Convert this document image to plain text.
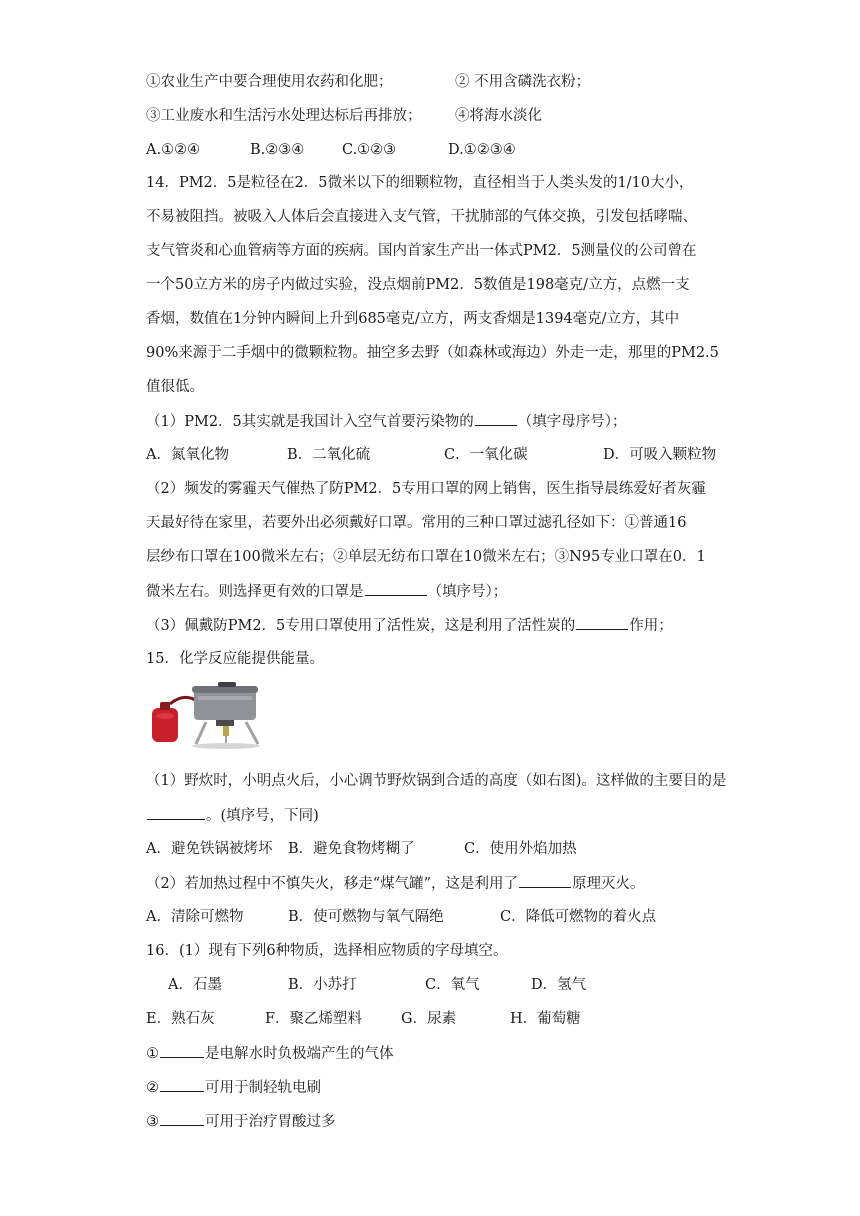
①农业生产中要合理使用农药和化肥；	② 不用含磷洗衣粉；
③工业废水和生活污水处理达标后再排放； ④将海水淡化
A.①②④	B.②③④	C.①②③	D.①②③④
14．PM2．5是粒径在2．5微米以下的细颗粒物，直径相当于人类头发的1/10大小，
不易被阻挡。被吸入人体后会直接进入支气管，干扰肺部的气体交换，引发包括哮喘、
支气管炎和心血管病等方面的疾病。国内首家生产出一体式PM2．5测量仪的公司曾在
一个50立方米的房子内做过实验，没点烟前PM2．5数值是198毫克/立方，点燃一支
香烟，数值在1分钟内瞬间上升到685毫克/立方，两支香烟是1394毫克/立方，其中
90%来源于二手烟中的微颗粒物。抽空多去野（如森林或海边）外走一走，那里的PM2.5
值很低。
（1）PM2．5其实就是我国计入空气首要污染物的	（填字母序号）；
A．氮氧化物	B．二氧化硫	C．一氧化碳	D．可吸入颗粒物
（2）频发的雾霾天气催热了防PM2．5专用口罩的网上销售，医生指导晨练爱好者灰霾
天最好待在家里，若要外出必须戴好口罩。常用的三种口罩过滤孔径如下：①普通16
层纱布口罩在100微米左右；②单层无纺布口罩在10微米左右；③N95专业口罩在0．1
微米左右。则选择更有效的口罩是	（填序号）；
（3）佩戴防PM2．5专用口罩使用了活性炭，这是利用了活性炭的	作用；
15．化学反应能提供能量。
（1）野炊时，小明点火后，小心调节野炊锅到合适的高度（如右图)。这样做的主要目的是
。(填序号，下同)
A．避免铁锅被烤坏 B．避免食物烤糊了	C．使用外焰加热
（2）若加热过程中不慎失火，移走“煤气罐”，这是利用了	原理灭火。
A．清除可燃物	B．使可燃物与氧气隔绝	C．降低可燃物的着火点
16．(1）现有下列6种物质，选择相应物质的字母填空。
A．石墨	B．小苏打	C．氧气	D．氢气
E．熟石灰	F．聚乙烯塑料	G．尿素	H．葡萄糖
①	是电解水时负极端产生的气体
②	可用于制轻轨电刷
③	可用于治疗胃酸过多
